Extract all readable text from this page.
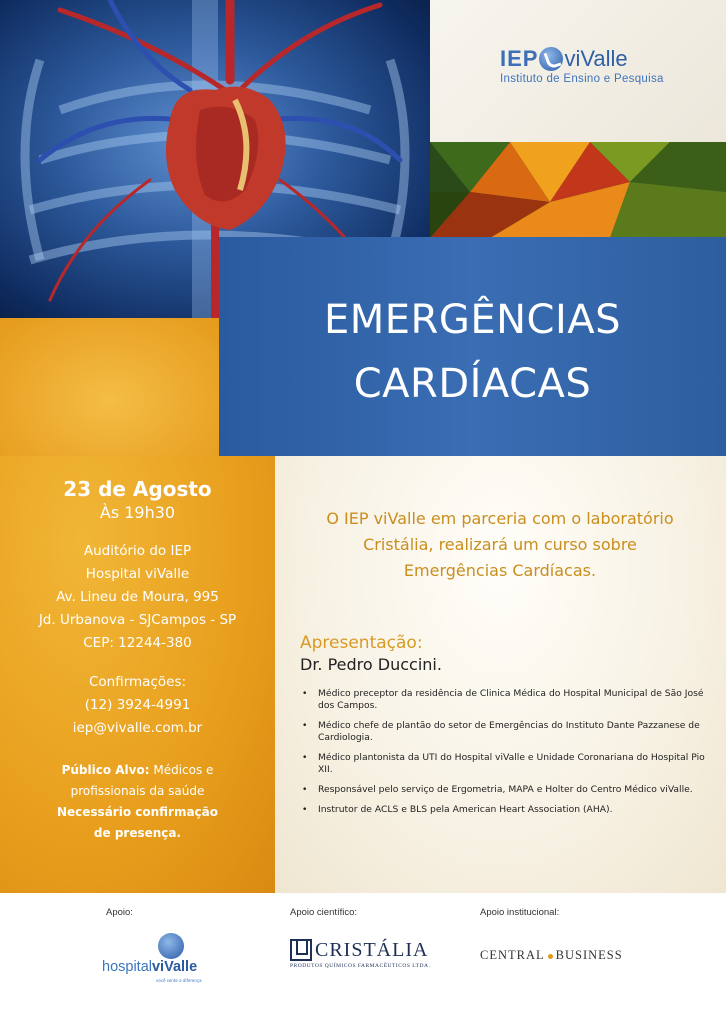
IEP viValle
Instituto de Ensino e Pesquisa
EMERGÊNCIAS
CARDÍACAS
23 de Agosto
Às 19h30
Auditório do IEP
Hospital viValle
Av. Lineu de Moura, 995
Jd. Urbanova - SJCampos - SP
CEP: 12244-380
Confirmações:
(12) 3924-4991
iep@vivalle.com.br
Público Alvo: Médicos e
profissionais da saúde
Necessário confirmação
de presença.
O IEP viValle em parceria com o laboratório
Cristália, realizará um curso sobre
Emergências Cardíacas.
Apresentação:
Dr. Pedro Duccini.
• Médico preceptor da residência de Clinica Médica do Hospital Municipal de São José dos Campos.
• Médico chefe de plantão do setor de Emergências do Instituto Dante Pazzanese de Cardiologia.
• Médico plantonista da UTI do Hospital viValle e Unidade Coronariana do Hospital Pio XII.
• Responsável pelo serviço de Ergometria, MAPA e Holter do Centro Médico viValle.
• Instrutor de ACLS e BLS pela American Heart Association (AHA).
Apoio:	Apoio científico:	Apoio institucional:
hospitalviValle
você sente a diferença
CRISTÁLIA
PRODUTOS QUÍMICOS FARMACÊUTICOS LTDA.
CENTRAL BUSINESS
